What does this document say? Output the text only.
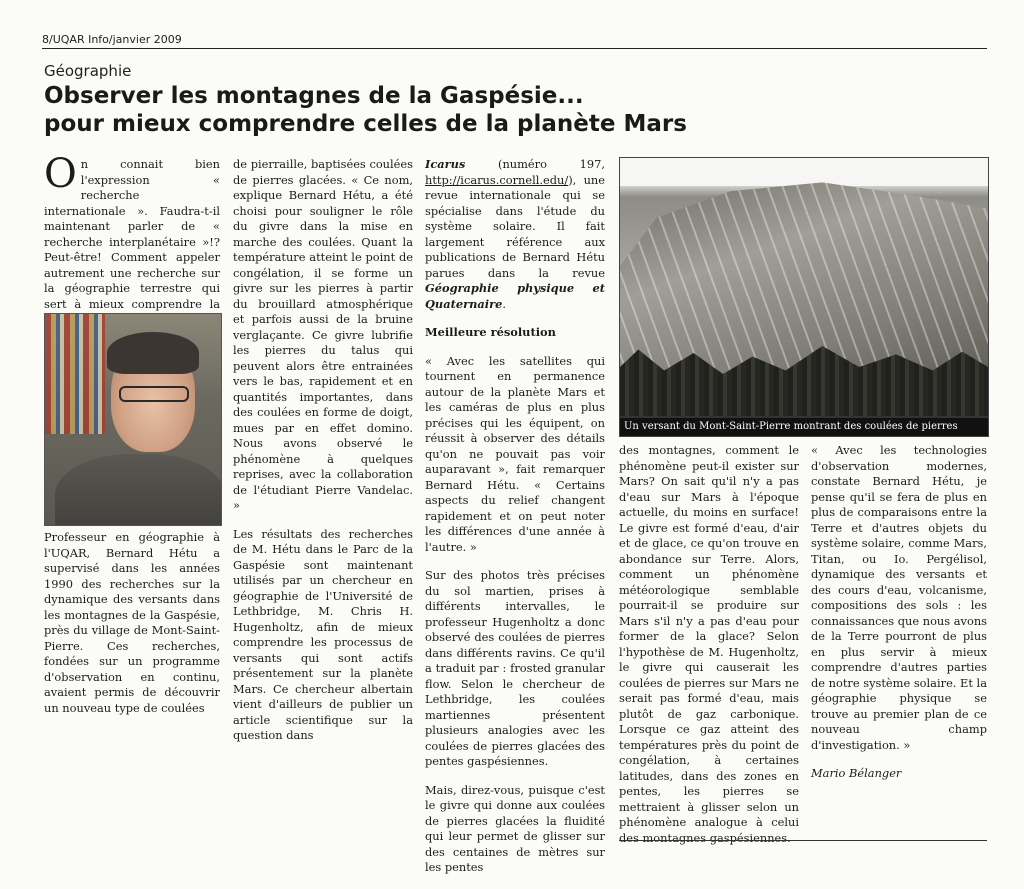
8/UQAR Info/janvier 2009
Géographie
Observer les montagnes de la Gaspésie...
pour mieux comprendre celles de la planète Mars

On connait bien l'expression « recherche internationale ». Faudra-t-il maintenant parler de « recherche interplanétaire »!? Peut-être! Comment appeler autrement une recherche sur la géographie terrestre qui sert à mieux comprendre la

Professeur en géographie à l'UQAR, Bernard Hétu a supervisé dans les années 1990 des recherches sur la dynamique des versants dans les montagnes de la Gaspésie, près du village de Mont-Saint-Pierre. Ces recherches, fondées sur un programme d'observation en continu, avaient permis de découvrir un nouveau type de coulées

de pierraille, baptisées coulées de pierres glacées. « Ce nom, explique Bernard Hétu, a été choisi pour souligner le rôle du givre dans la mise en marche des coulées. Quant la température atteint le point de congélation, il se forme un givre sur les pierres à partir du brouillard atmosphérique et parfois aussi de la bruine verglaçante. Ce givre lubrifie les pierres du talus qui peuvent alors être entrainées vers le bas, rapidement et en quantités importantes, dans des coulées en forme de doigt, mues par en effet domino. Nous avons observé le phénomène à quelques reprises, avec la collaboration de l'étudiant Pierre Vandelac. »

Les résultats des recherches de M. Hétu dans le Parc de la Gaspésie sont maintenant utilisés par un chercheur en géographie de l'Université de Lethbridge, M. Chris H. Hugenholtz, afin de mieux comprendre les processus de versants qui sont actifs présentement sur la planète Mars. Ce chercheur albertain vient d'ailleurs de publier un article scientifique sur la question dans

Icarus (numéro 197, http://icarus.cornell.edu/), une revue internationale qui se spécialise dans l'étude du système solaire. Il fait largement référence aux publications de Bernard Hétu parues dans la revue Géographie physique et Quaternaire.

Meilleure résolution

« Avec les satellites qui tournent en permanence autour de la planète Mars et les caméras de plus en plus précises qui les équipent, on réussit à observer des détails qu'on ne pouvait pas voir auparavant », fait remarquer Bernard Hétu. « Certains aspects du relief changent rapidement et on peut noter les différences d'une année à l'autre. »

Sur des photos très précises du sol martien, prises à différents intervalles, le professeur Hugenholtz a donc observé des coulées de pierres dans différents ravins. Ce qu'il a traduit par : frosted granular flow. Selon le chercheur de Lethbridge, les coulées martiennes présentent plusieurs analogies avec les coulées de pierres glacées des pentes gaspésiennes.

Mais, direz-vous, puisque c'est le givre qui donne aux coulées de pierres glacées la fluidité qui leur permet de glisser sur des centaines de mètres sur les pentes

Un versant du Mont-Saint-Pierre montrant des coulées de pierres

des montagnes, comment le phénomène peut-il exister sur Mars? On sait qu'il n'y a pas d'eau sur Mars à l'époque actuelle, du moins en surface! Le givre est formé d'eau, d'air et de glace, ce qu'on trouve en abondance sur Terre. Alors, comment un phénomène météorologique semblable pourrait-il se produire sur Mars s'il n'y a pas d'eau pour former de la glace? Selon l'hypothèse de M. Hugenholtz, le givre qui causerait les coulées de pierres sur Mars ne serait pas formé d'eau, mais plutôt de gaz carbonique. Lorsque ce gaz atteint des températures près du point de congélation, à certaines latitudes, dans des zones en pentes, les pierres se mettraient à glisser selon un phénomène analogue à celui des montagnes gaspésiennes.

« Avec les technologies d'observation modernes, constate Bernard Hétu, je pense qu'il se fera de plus en plus de comparaisons entre la Terre et d'autres objets du système solaire, comme Mars, Titan, ou Io. Pergélisol, dynamique des versants et des cours d'eau, volcanisme, compositions des sols : les connaissances que nous avons de la Terre pourront de plus en plus servir à mieux comprendre d'autres parties de notre système solaire. Et la géographie physique se trouve au premier plan de ce nouveau champ d'investigation. »

Mario Bélanger
